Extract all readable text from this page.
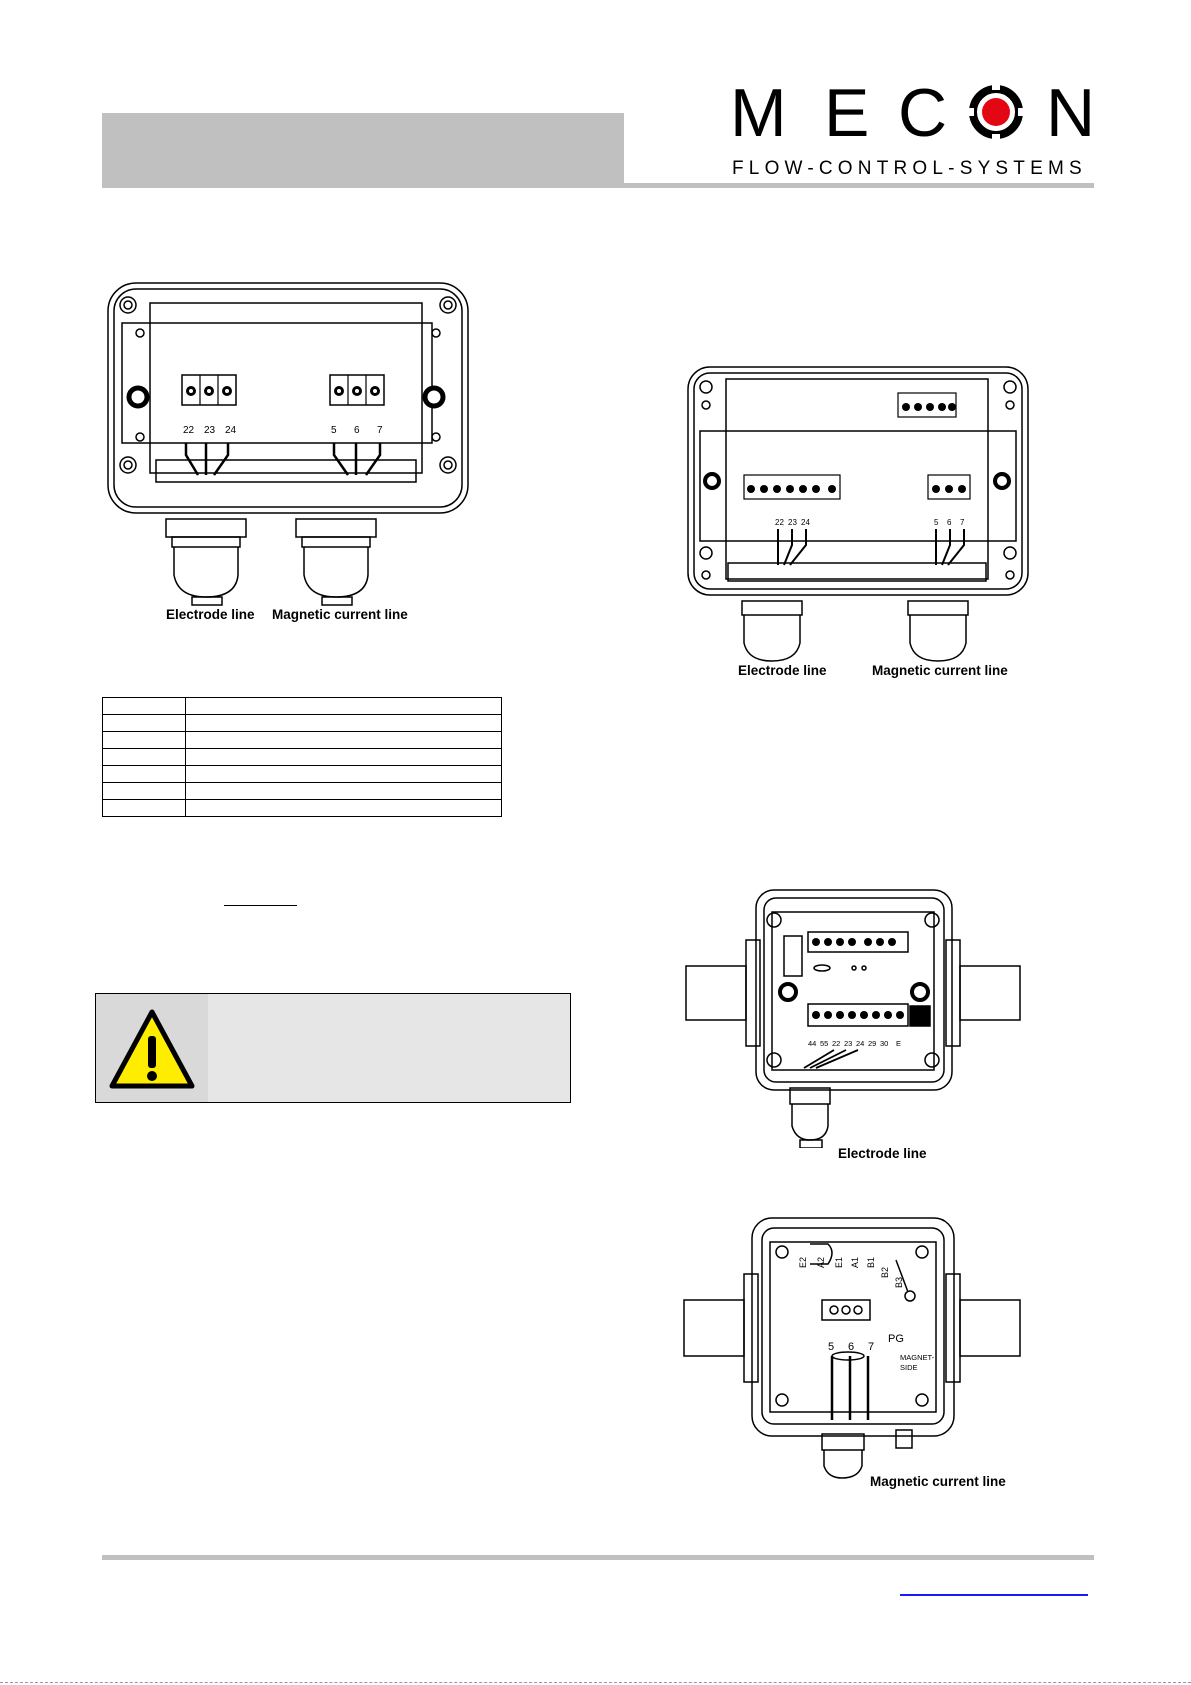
M E C N
FLOW-CONTROL-SYSTEMS
22 23 24	5 6 7
Electrode line Magnetic current line
22 23 24	5 6 7
Electrode line	Magnetic current line

44 55 22 23 24 29 30 E
Electrode line
E2 A2 E1 A1 B1
B2
B3
5 6 7
PG
MAGNET-
SIDE
Magnetic current line
